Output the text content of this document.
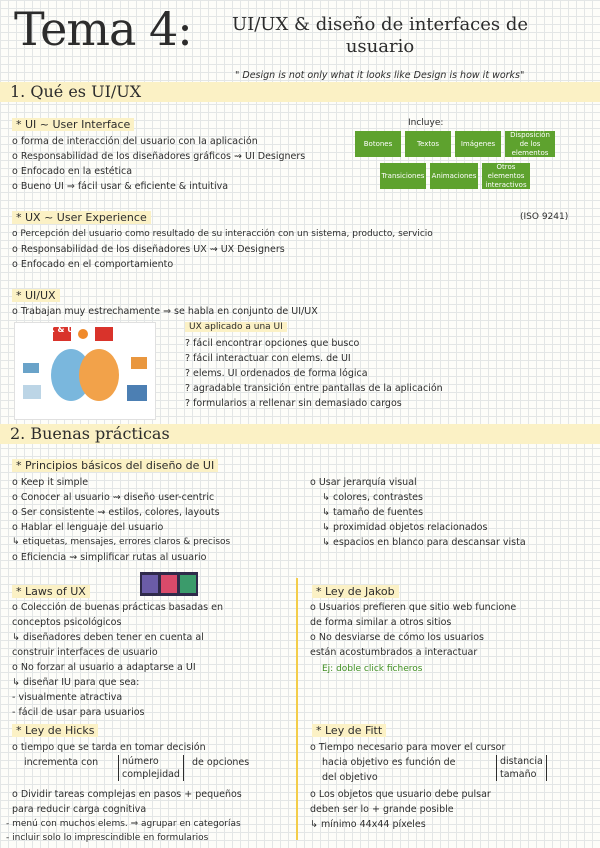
Tema 4:	UI/UX & diseño de interfaces de usuario
" Design is not only what it looks like Design is how it works"
1. Qué es UI/UX
* UI ~ User Interface
o forma de interacción del usuario con la aplicación
o Responsabilidad de los diseñadores gráficos ⇝ UI Designers
o Enfocado en la estética
o Bueno UI ⇒ fácil usar & eficiente & intuitiva
Incluye:
Botones	Textos	Imágenes
Disposición de los elementos
Transiciones Animaciones
Otros elementos interactivos
* UX ~ User Experience	(ISO 9241)
o Percepción del usuario como resultado de su interacción con un sistema, producto, servicio
o Responsabilidad de los diseñadores UX ⇝ UX Designers
o Enfocado en el comportamiento
* UI/UX
o Trabajan muy estrechamente ⇒ se habla en conjunto de UI/UX
UX & UI	UX aplicado a una UI
? fácil encontrar opciones que busco
? fácil interactuar con elems. de UI
? elems. UI ordenados de forma lógica
? agradable transición entre pantallas de la aplicación
? formularios a rellenar sin demasiado cargos
2. Buenas prácticas
* Principios básicos del diseño de UI
o Keep it simple
o Conocer al usuario ⇝ diseño user-centric
o Ser consistente ⇝ estilos, colores, layouts
o Hablar el lenguaje del usuario
↳ etiquetas, mensajes, errores claros & precisos
o Eficiencia ⇝ simplificar rutas al usuario
o Usar jerarquía visual
↳ colores, contrastes
↳ tamaño de fuentes
↳ proximidad objetos relacionados
↳ espacios en blanco para descansar vista
* Laws of UX
o Colección de buenas prácticas basadas en
conceptos psicológicos
↳ diseñadores deben tener en cuenta al
construir interfaces de usuario
o No forzar al usuario a adaptarse a UI
↳ diseñar IU para que sea:
- visualmente atractiva
- fácil de usar para usuarios
* Ley de Jakob
o Usuarios prefieren que sitio web funcione
de forma similar a otros sitios
o No desviarse de cómo los usuarios
están acostumbrados a interactuar
Ej: doble click ficheros
* Ley de Hicks
o tiempo que se tarda en tomar decisión
incrementa con	número
complejidad
de opciones
o Dividir tareas complejas en pasos + pequeños
para reducir carga cognitiva
- menú con muchos elems. ⇒ agrupar en categorías
- incluir solo lo imprescindible en formularios
* Ley de Fitt
o Tiempo necesario para mover el cursor
hacia objetivo es función de	distancia
tamaño
del objetivo
o Los objetos que usuario debe pulsar
deben ser lo + grande posible
↳ mínimo 44x44 píxeles
